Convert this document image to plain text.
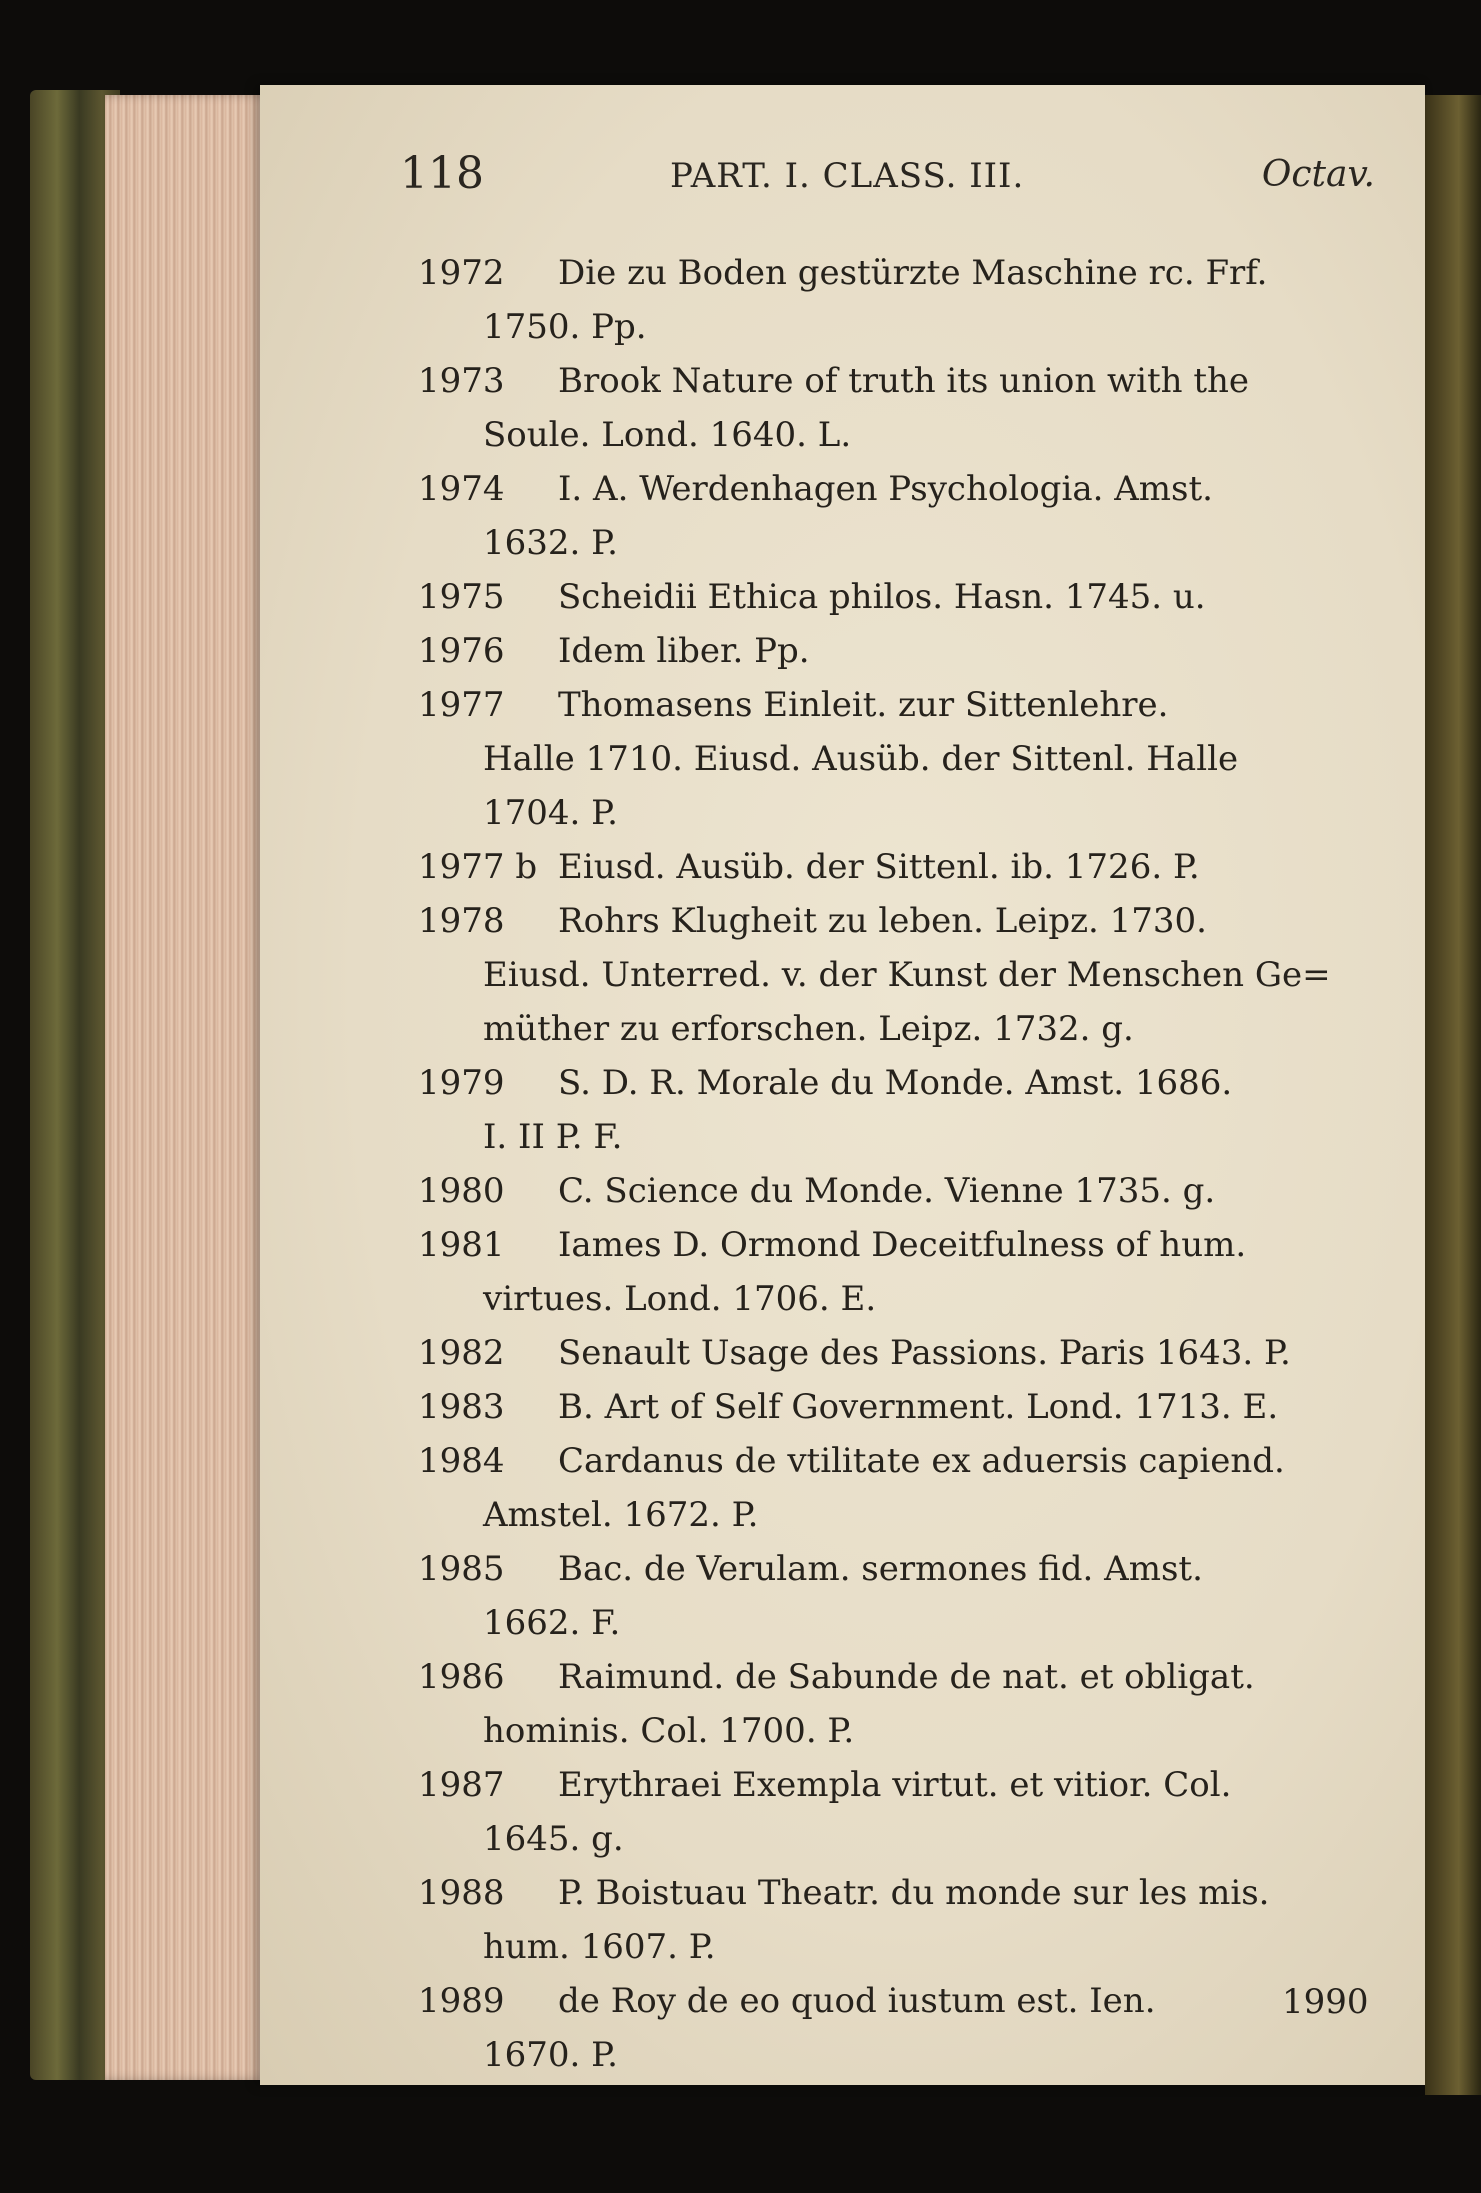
118	PART. I. CLASS. III.	Octav.
1972 Die zu Boden gestürzte Maschine rc. Frf.
1750. Pp.
1973 Brook Nature of truth its union with the
Soule. Lond. 1640. L.
1974 I. A. Werdenhagen Psychologia. Amst.
1632. P.
1975 Scheidii Ethica philos. Hasn. 1745. u.
1976 Idem liber. Pp.
1977 Thomasens Einleit. zur Sittenlehre.
Halle 1710. Eiusd. Ausüb. der Sittenl. Halle
1704. P.
1977 b Eiusd. Ausüb. der Sittenl. ib. 1726. P.
1978 Rohrs Klugheit zu leben. Leipz. 1730.
Eiusd. Unterred. v. der Kunst der Menschen Ge=
müther zu erforschen. Leipz. 1732. g.
1979 S. D. R. Morale du Monde. Amst. 1686.
I. II P. F.
1980 C. Science du Monde. Vienne 1735. g.
1981 Iames D. Ormond Deceitfulness of hum.
virtues. Lond. 1706. E.
1982 Senault Usage des Passions. Paris 1643. P.
1983 B. Art of Self Government. Lond. 1713. E.
1984 Cardanus de vtilitate ex aduersis capiend.
Amstel. 1672. P.
1985 Bac. de Verulam. sermones fid. Amst.
1662. F.
1986 Raimund. de Sabunde de nat. et obligat.
hominis. Col. 1700. P.
1987 Erythraei Exempla virtut. et vitior. Col.
1645. g.
1988 P. Boistuau Theatr. du monde sur les mis.
hum. 1607. P.
1989 de Roy de eo quod iustum est. Ien.
1670. P.
1990
